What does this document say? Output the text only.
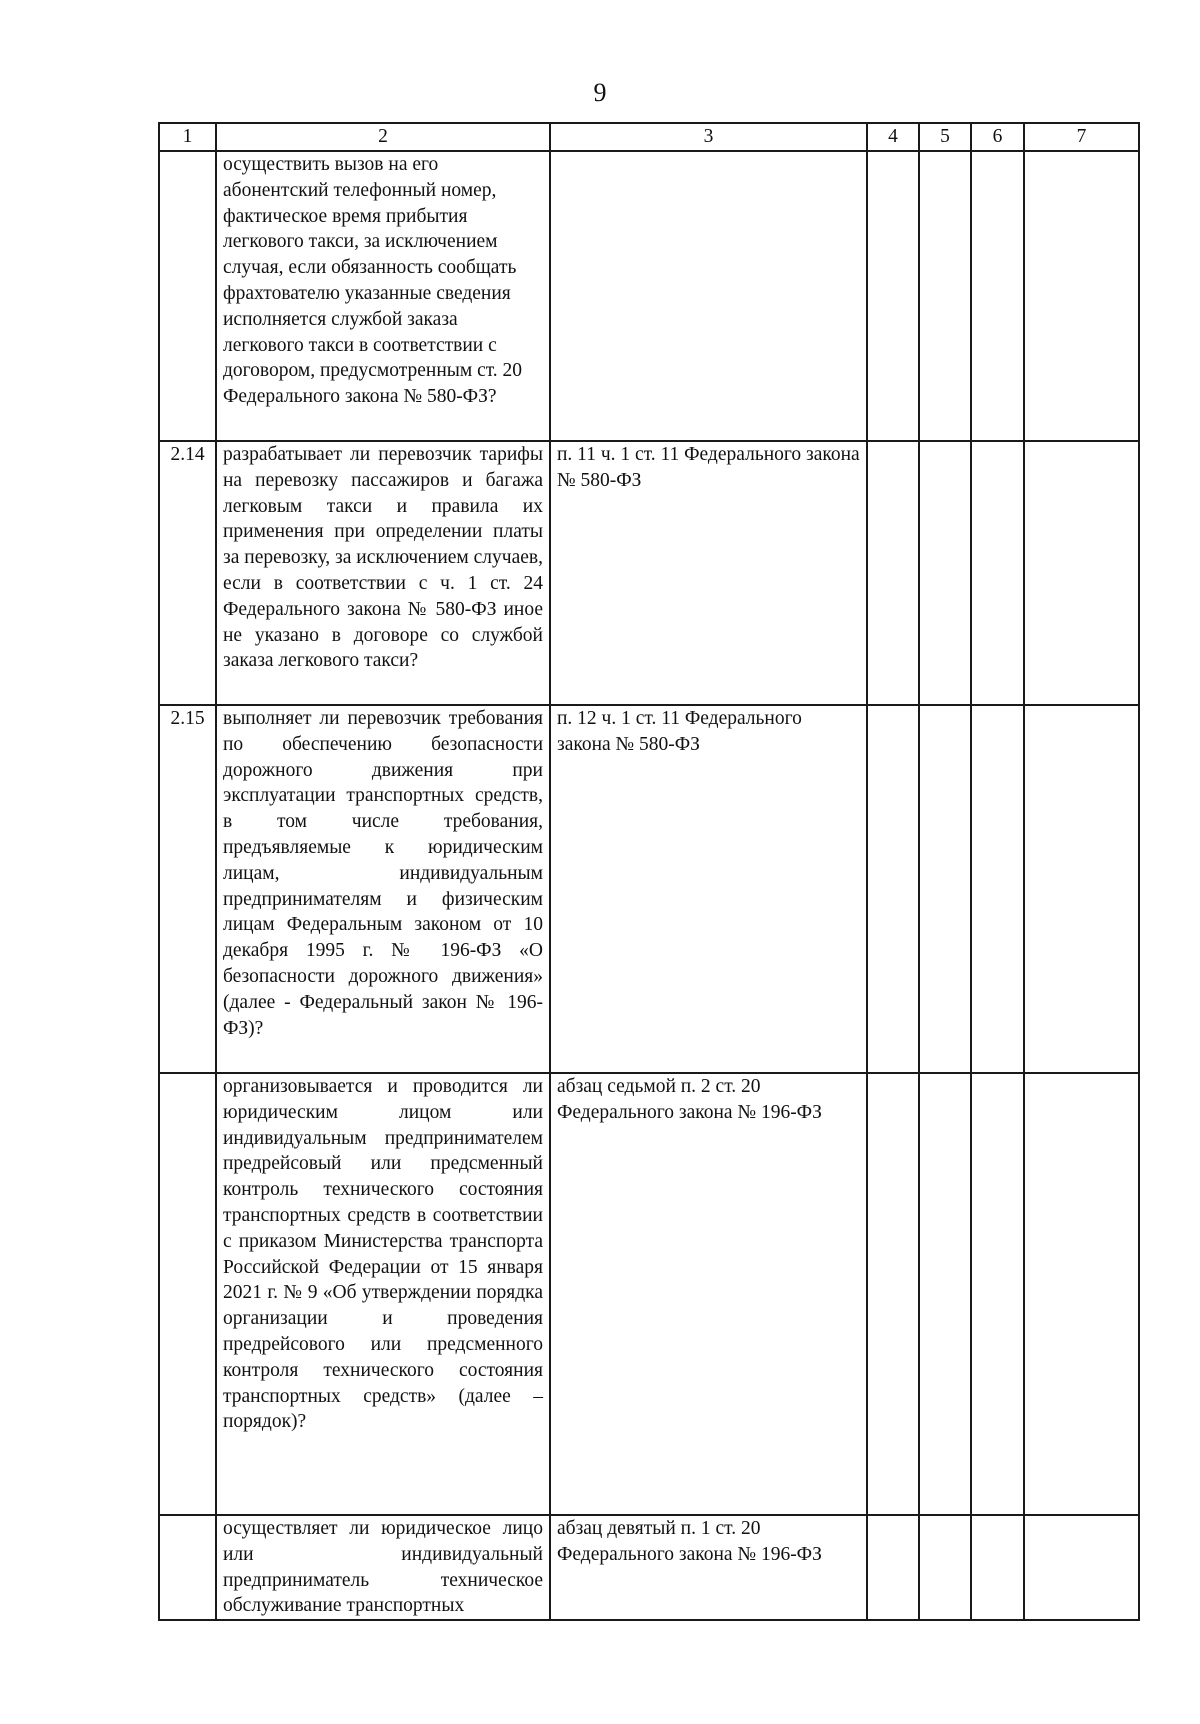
9
1	2	3	4	5	6	7
	осуществить вызов на его абонентский телефонный номер, фактическое время прибытия легкового такси, за исключением случая, если обязанность сообщать фрахтователю указанные сведения исполняется службой заказа легкового такси в соответствии с договором, предусмотренным ст. 20 Федерального закона № 580-ФЗ?					
2.14	разрабатывает ли перевозчик тарифы на перевозку пассажиров и багажа легковым такси и правила их применения при определении платы за перевозку, за исключением случаев, если в соответствии с ч. 1 ст. 24 Федерального закона № 580-ФЗ иное не указано в договоре со службой заказа легкового такси?	п. 11 ч. 1 ст. 11 Федерального закона № 580-ФЗ				
2.15	выполняет ли перевозчик требования по обеспечению безопасности дорожного движения при эксплуатации транспортных средств, в том числе требования, предъявляемые к юридическим лицам, индивидуальным предпринимателям и физическим лицам Федеральным законом от 10 декабря 1995 г. № 196-ФЗ «О безопасности дорожного движения» (далее - Федеральный закон № 196-ФЗ)?	п. 12 ч. 1 ст. 11 Федерального закона № 580-ФЗ				
	организовывается и проводится ли юридическим лицом или индивидуальным предпринимателем предрейсовый или предсменный контроль технического состояния транспортных средств в соответствии с приказом Министерства транспорта Российской Федерации от 15 января 2021 г. № 9 «Об утверждении порядка организации и проведения предрейсового или предсменного контроля технического состояния транспортных средств» (далее – порядок)?	абзац седьмой п. 2 ст. 20 Федерального закона № 196-ФЗ				
	осуществляет ли юридическое лицо или индивидуальный предприниматель техническое обслуживание транспортных	абзац девятый п. 1 ст. 20 Федерального закона № 196-ФЗ				
